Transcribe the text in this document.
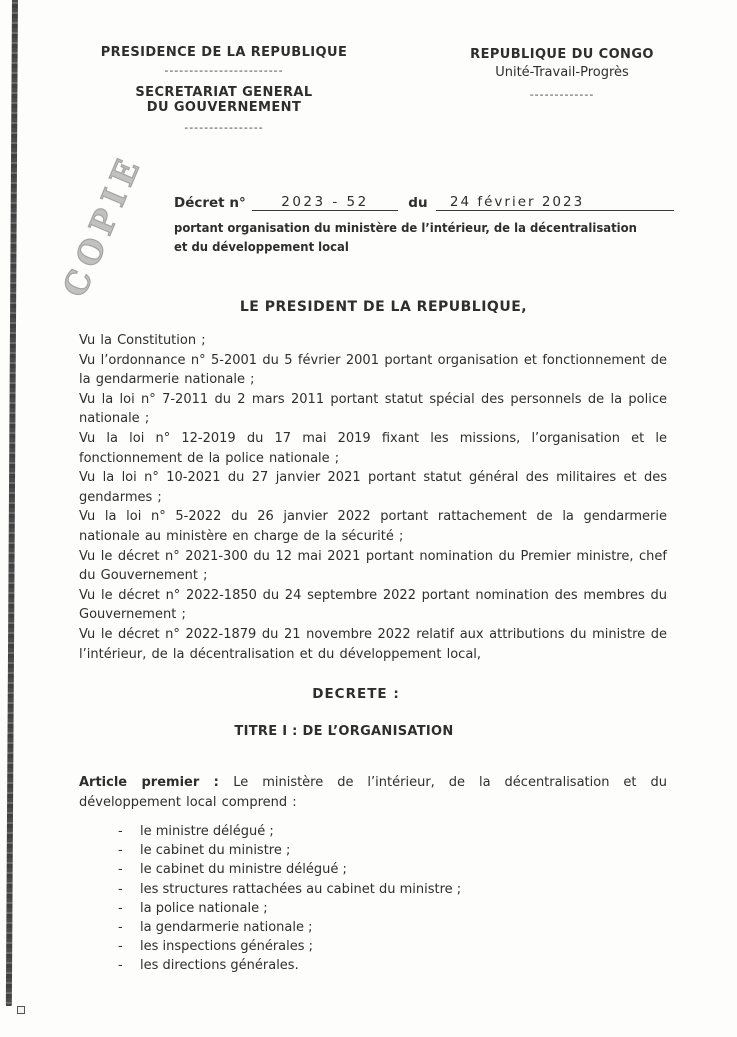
PRESIDENCE DE LA REPUBLIQUE
------------------------
SECRETARIAT GENERAL
DU GOUVERNEMENT
----------------
REPUBLIQUE DU CONGO
Unité-Travail-Progrès
-------------
COPIE Décret n°	2023 - 52	du 24 février 2023
portant organisation du ministère de l’intérieur, de la décentralisation
et du développement local
LE PRESIDENT DE LA REPUBLIQUE,

Vu la Constitution ;

Vu l’ordonnance n° 5-2001 du 5 février 2001 portant organisation et fonctionnement de la gendarmerie nationale ;

Vu la loi n° 7-2011 du 2 mars 2011 portant statut spécial des personnels de la police nationale ;

Vu la loi n° 12-2019 du 17 mai 2019 fixant les missions, l’organisation et le fonctionnement de la police nationale ;

Vu la loi n° 10-2021 du 27 janvier 2021 portant statut général des militaires et des gendarmes ;

Vu la loi n° 5-2022 du 26 janvier 2022 portant rattachement de la gendarmerie nationale au ministère en charge de la sécurité ;

Vu le décret n° 2021-300 du 12 mai 2021 portant nomination du Premier ministre, chef du Gouvernement ;

Vu le décret n° 2022-1850 du 24 septembre 2022 portant nomination des membres du Gouvernement ;

Vu le décret n° 2022-1879 du 21 novembre 2022 relatif aux attributions du ministre de l’intérieur, de la décentralisation et du développement local,

DECRETE :
TITRE I : DE L’ORGANISATION

Article premier : Le ministère de l’intérieur, de la décentralisation et du développement local comprend :

-	le ministre délégué ;
-	le cabinet du ministre ;
-	le cabinet du ministre délégué ;
-	les structures rattachées au cabinet du ministre ;
-	la police nationale ;
-	la gendarmerie nationale ;
-	les inspections générales ;
-	les directions générales.
